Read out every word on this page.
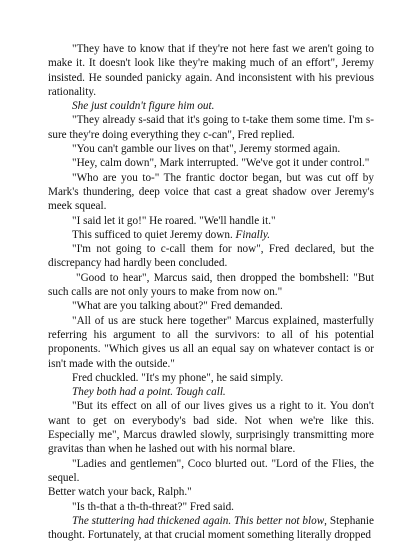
"They have to know that if they're not here fast we aren't going to make it. It doesn't look like they're making much of an effort", Jeremy insisted. He sounded panicky again. And inconsistent with his previous rationality.

She just couldn't figure him out.

"They already s-said that it's going to t-take them some time. I'm s-sure they're doing everything they c-can", Fred replied.

"You can't gamble our lives on that", Jeremy stormed again.

"Hey, calm down", Mark interrupted. "We've got it under control."

"Who are you to-" The frantic doctor began, but was cut off by Mark's thundering, deep voice that cast a great shadow over Jeremy's meek squeal.

"I said let it go!" He roared. "We'll handle it."

This sufficed to quiet Jeremy down. Finally.

"I'm not going to c-call them for now", Fred declared, but the discrepancy had hardly been concluded.

"Good to hear", Marcus said, then dropped the bombshell: "But such calls are not only yours to make from now on."

"What are you talking about?" Fred demanded.

"All of us are stuck here together" Marcus explained, masterfully referring his argument to all the survivors: to all of his potential proponents. "Which gives us all an equal say on whatever contact is or isn't made with the outside."

Fred chuckled. "It's my phone", he said simply.

They both had a point. Tough call.

"But its effect on all of our lives gives us a right to it. You don't want to get on everybody's bad side. Not when we're like this. Especially me", Marcus drawled slowly, surprisingly transmitting more gravitas than when he lashed out with his normal blare.

"Ladies and gentlemen", Coco blurted out. "Lord of the Flies, the sequel.

Better watch your back, Ralph."

"Is th-that a th-th-threat?" Fred said.

The stuttering had thickened again. This better not blow, Stephanie thought. Fortunately, at that crucial moment something literally dropped
